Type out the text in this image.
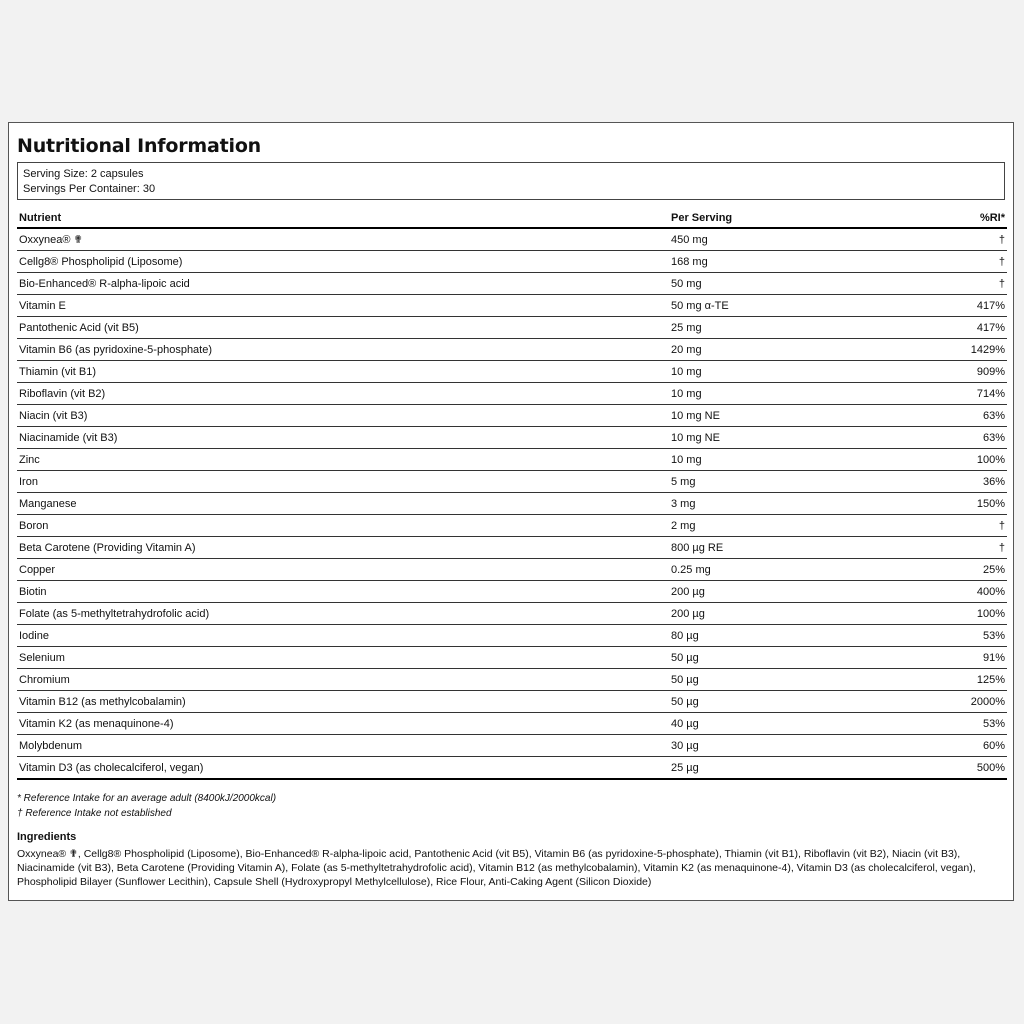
Nutritional Information
Serving Size: 2 capsules
Servings Per Container: 30
Nutrient	Per Serving	%RI*
Oxxynea® ✟	450 mg	†
Cellg8® Phospholipid (Liposome)	168 mg	†
Bio-Enhanced® R-alpha-lipoic acid	50 mg	†
Vitamin E	50 mg α-TE	417%
Pantothenic Acid (vit B5)	25 mg	417%
Vitamin B6 (as pyridoxine-5-phosphate)	20 mg	1429%
Thiamin (vit B1)	10 mg	909%
Riboflavin (vit B2)	10 mg	714%
Niacin (vit B3)	10 mg NE	63%
Niacinamide (vit B3)	10 mg NE	63%
Zinc	10 mg	100%
Iron	5 mg	36%
Manganese	3 mg	150%
Boron	2 mg	†
Beta Carotene (Providing Vitamin A)	800 µg RE	†
Copper	0.25 mg	25%
Biotin	200 µg	400%
Folate (as 5-methyltetrahydrofolic acid)	200 µg	100%
Iodine	80 µg	53%
Selenium	50 µg	91%
Chromium	50 µg	125%
Vitamin B12 (as methylcobalamin)	50 µg	2000%
Vitamin K2 (as menaquinone-4)	40 µg	53%
Molybdenum	30 µg	60%
Vitamin D3 (as cholecalciferol, vegan)	25 µg	500%
* Reference Intake for an average adult (8400kJ/2000kcal)
† Reference Intake not established
Ingredients
Oxxynea® ✟, Cellg8® Phospholipid (Liposome), Bio-Enhanced® R-alpha-lipoic acid, Pantothenic Acid (vit B5), Vitamin B6 (as pyridoxine-5-phosphate), Thiamin (vit B1), Riboflavin (vit B2), Niacin (vit B3), Niacinamide (vit B3), Beta Carotene (Providing Vitamin A), Folate (as 5-methyltetrahydrofolic acid), Vitamin B12 (as methylcobalamin), Vitamin K2 (as menaquinone-4), Vitamin D3 (as cholecalciferol, vegan), Phospholipid Bilayer (Sunflower Lecithin), Capsule Shell (Hydroxypropyl Methylcellulose), Rice Flour, Anti-Caking Agent (Silicon Dioxide)
